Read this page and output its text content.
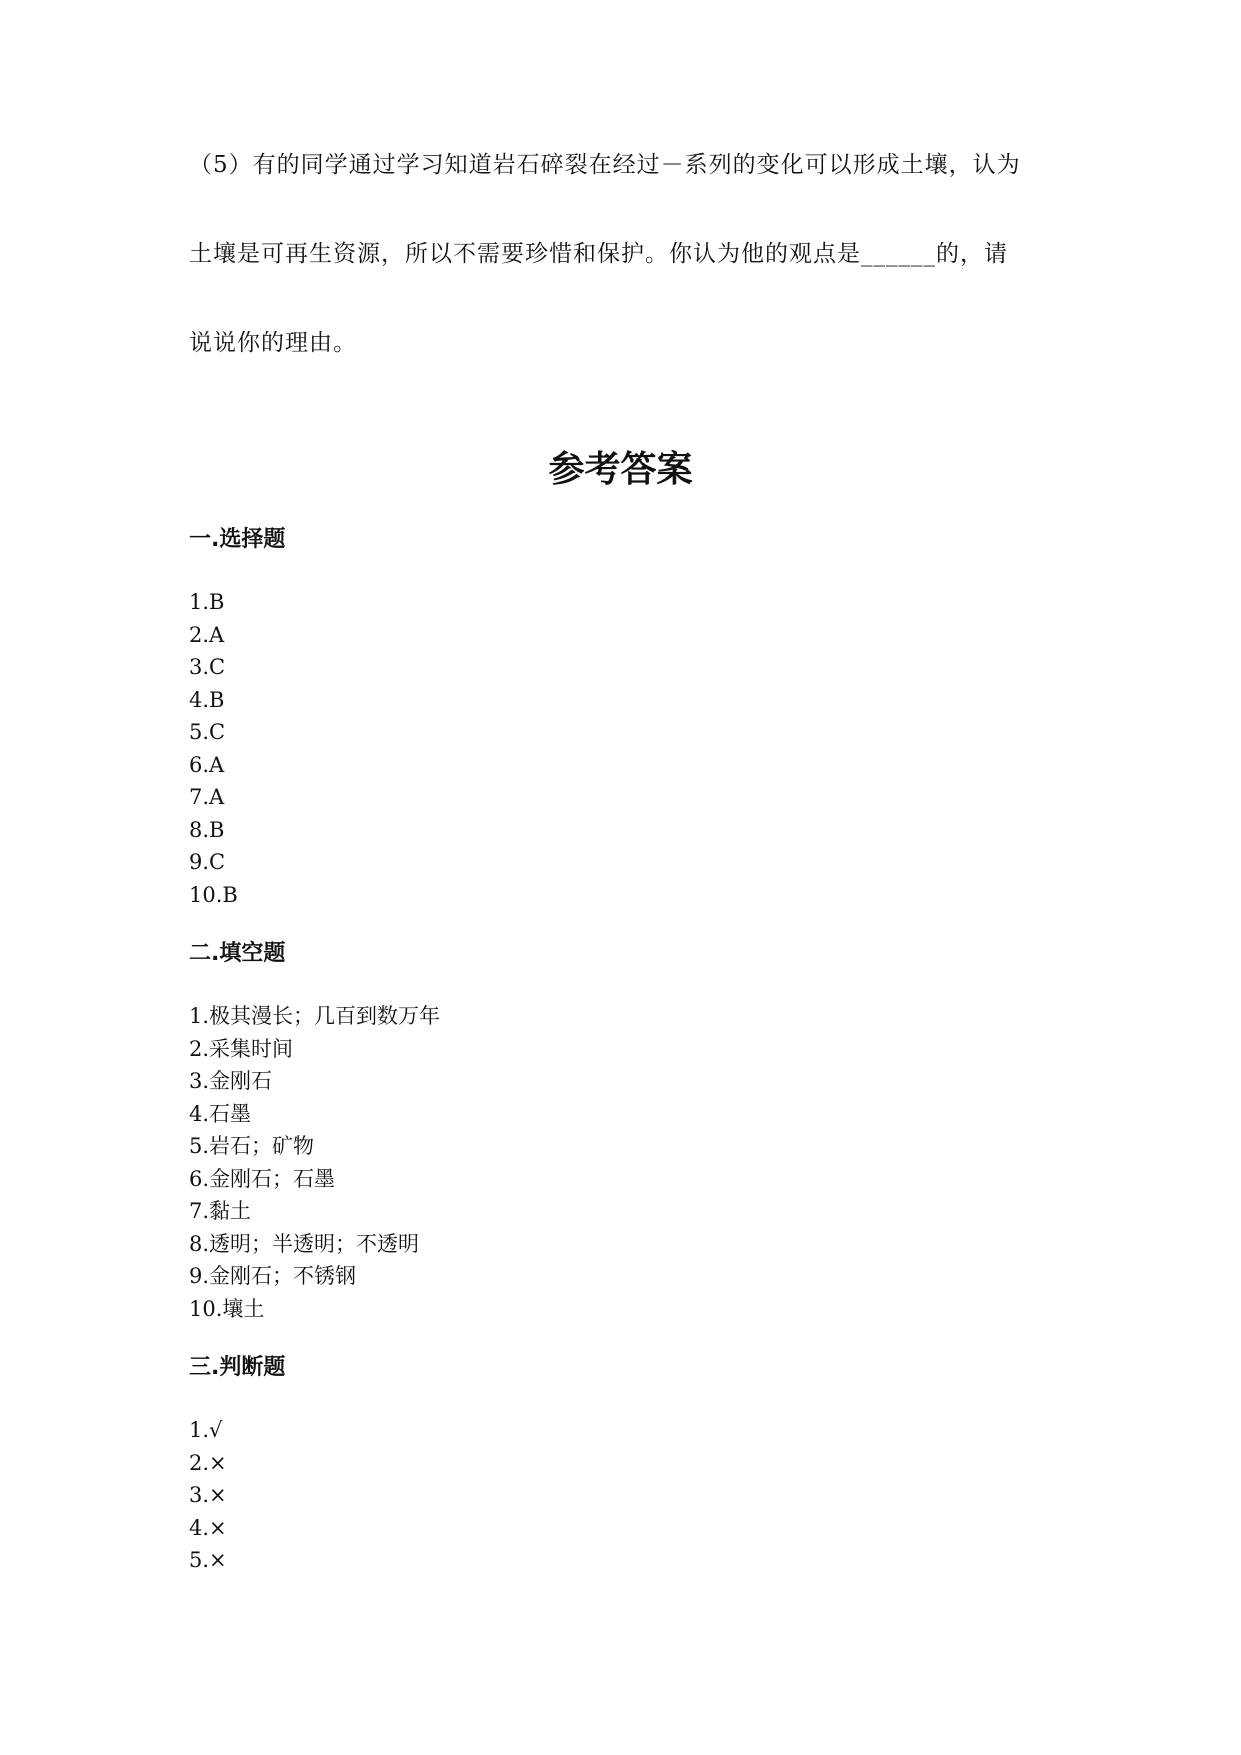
（5）有的同学通过学习知道岩石碎裂在经过－系列的变化可以形成土壤，认为
土壤是可再生资源，所以不需要珍惜和保护。你认为他的观点是______的，请
说说你的理由。
参考答案
一.选择题
1.B
2.A
3.C
4.B
5.C
6.A
7.A
8.B
9.C
10.B
二.填空题
1.极其漫长；几百到数万年
2.采集时间
3.金刚石
4.石墨
5.岩石；矿物
6.金刚石；石墨
7.黏土
8.透明；半透明；不透明
9.金刚石；不锈钢
10.壤土
三.判断题
1.√
2.×
3.×
4.×
5.×
